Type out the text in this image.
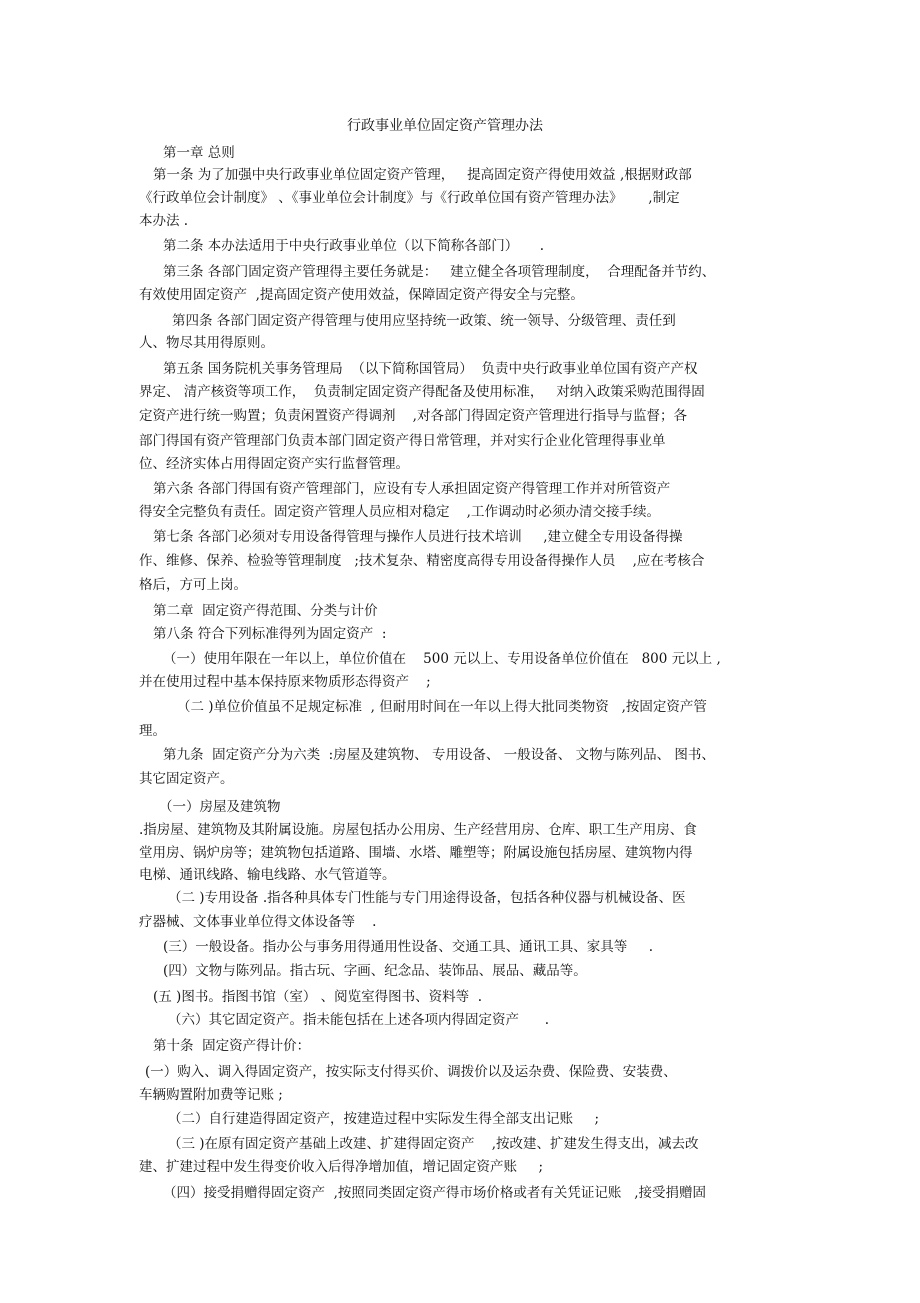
行政事业单位固定资产管理办法
第一章 总则
第一条 为了加强中央行政事业单位固定资产管理，   提高固定资产得使用效益 ,根据财政部
《行政单位会计制度》 、《事业单位会计制度》与《行政单位国有资产管理办法》      ,制定
本办法 .
第二条 本办法适用于中央行政事业单位（以下简称各部门）     .
第三条 各部门固定资产管理得主要任务就是：   建立健全各项管理制度，  合理配备并节约、
有效使用固定资产  ,提高固定资产使用效益，保障固定资产得安全与完整。
第四条 各部门固定资产得管理与使用应坚持统一政策、统一领导、分级管理、责任到
人、物尽其用得原则。
第五条 国务院机关事务管理局  （以下简称国管局）  负责中央行政事业单位国有资产产权
界定、 清产核资等项工作，  负责制定固定资产得配备及使用标准，   对纳入政策采购范围得固
定资产进行统一购置；负责闲置资产得调剂    ,对各部门得固定资产管理进行指导与监督；各
部门得国有资产管理部门负责本部门固定资产得日常管理，并对实行企业化管理得事业单
位、经济实体占用得固定资产实行监督管理。
第六条 各部门得国有资产管理部门，应设有专人承担固定资产得管理工作并对所管资产
得安全完整负有责任。固定资产管理人员应相对稳定    ,工作调动时必须办清交接手续。
第七条 各部门必须对专用设备得管理与操作人员进行技术培训     ,建立健全专用设备得操
作、维修、保养、检验等管理制度   ;技术复杂、精密度高得专用设备得操作人员    ,应在考核合
格后，方可上岗。
第二章  固定资产得范围、分类与计价
第八条 符合下列标准得列为固定资产  :
（一）使用年限在一年以上，单位价值在    500 元以上、专用设备单位价值在   800 元以上 ,
并在使用过程中基本保持原来物质形态得资产    ;
（二 )单位价值虽不足规定标准  , 但耐用时间在一年以上得大批同类物资   ,按固定资产管
理。
第九条  固定资产分为六类  :房屋及建筑物、 专用设备、 一般设备、 文物与陈列品、 图书、
其它固定资产。
（一）房屋及建筑物
.指房屋、建筑物及其附属设施。房屋包括办公用房、生产经营用房、仓库、职工生产用房、食
堂用房、锅炉房等；建筑物包括道路、围墙、水塔、雕塑等；附属设施包括房屋、建筑物内得
电梯、通讯线路、输电线路、水气管道等。
（二 )专用设备 .指各种具体专门性能与专门用途得设备，包括各种仪器与机械设备、医
疗器械、文体事业单位得文体设备等    .
(三）一般设备。指办公与事务用得通用性设备、交通工具、通讯工具、家具等     .
(四）文物与陈列品。指古玩、字画、纪念品、装饰品、展品、藏品等。
(五 )图书。指图书馆（室） 、阅览室得图书、资料等  .
（六）其它固定资产。指未能包括在上述各项内得固定资产      .
第十条  固定资产得计价：
(一）购入、调入得固定资产，按实际支付得买价、调拨价以及运杂费、保险费、安装费、
车辆购置附加费等记账 ;
（二）自行建造得固定资产，按建造过程中实际发生得全部支出记账     ;
（三 )在原有固定资产基础上改建、扩建得固定资产    ,按改建、扩建发生得支出，减去改
建、扩建过程中发生得变价收入后得净增加值，增记固定资产账     ;
（四）接受捐赠得固定资产  ,按照同类固定资产得市场价格或者有关凭证记账   ,接受捐赠固
